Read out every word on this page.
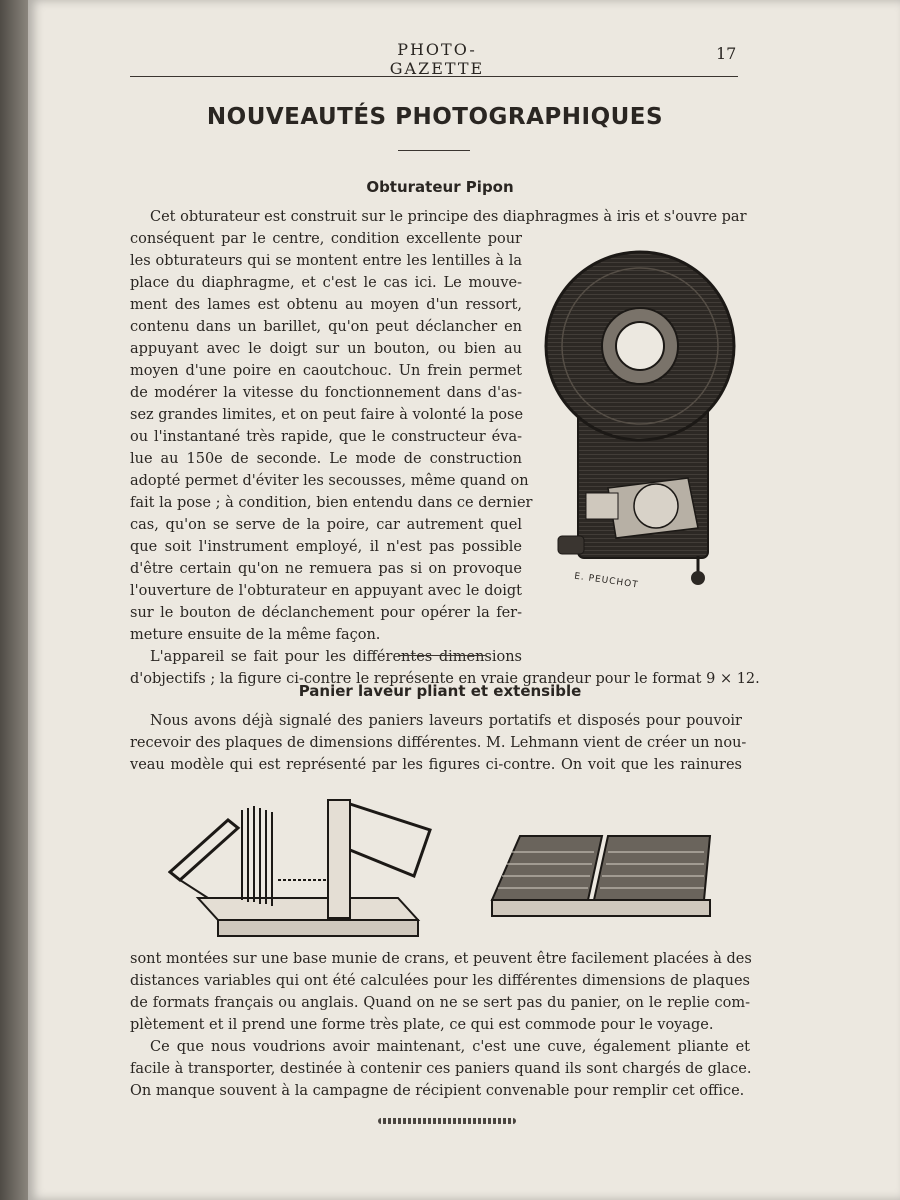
PHOTO-GAZETTE
17
NOUVEAUTÉS PHOTOGRAPHIQUES
Obturateur Pipon
Cet obturateur est construit sur le principe des diaphragmes à iris et s'ouvre par
conséquent par le centre, condition excellente pour
les obturateurs qui se montent entre les lentilles à la
place du diaphragme, et c'est le cas ici. Le mouve-
ment des lames est obtenu au moyen d'un ressort,
contenu dans un barillet, qu'on peut déclancher en
appuyant avec le doigt sur un bouton, ou bien au
moyen d'une poire en caoutchouc. Un frein permet
de modérer la vitesse du fonctionnement dans d'as-
sez grandes limites, et on peut faire à volonté la pose
ou l'instantané très rapide, que le constructeur éva-
lue au 150e de seconde. Le mode de construction
adopté permet d'éviter les secousses, même quand on
fait la pose ; à condition, bien entendu dans ce dernier
cas, qu'on se serve de la poire, car autrement quel
que soit l'instrument employé, il n'est pas possible
d'être certain qu'on ne remuera pas si on provoque
l'ouverture de l'obturateur en appuyant avec le doigt
sur le bouton de déclanchement pour opérer la fer-
meture ensuite de la même façon.
L'appareil se fait pour les différentes dimensions
d'objectifs ; la figure ci-contre le représente en vraie grandeur pour le format 9 × 12.
E. PEUCHOT
Panier laveur pliant et extensible
Nous avons déjà signalé des paniers laveurs portatifs et disposés pour pouvoir
recevoir des plaques de dimensions différentes. M. Lehmann vient de créer un nou-
veau modèle qui est représenté par les figures ci-contre. On voit que les rainures
sont montées sur une base munie de crans, et peuvent être facilement placées à des
distances variables qui ont été calculées pour les différentes dimensions de plaques
de formats français ou anglais. Quand on ne se sert pas du panier, on le replie com-
plètement et il prend une forme très plate, ce qui est commode pour le voyage.
Ce que nous voudrions avoir maintenant, c'est une cuve, également pliante et
facile à transporter, destinée à contenir ces paniers quand ils sont chargés de glace.
On manque souvent à la campagne de récipient convenable pour remplir cet office.
